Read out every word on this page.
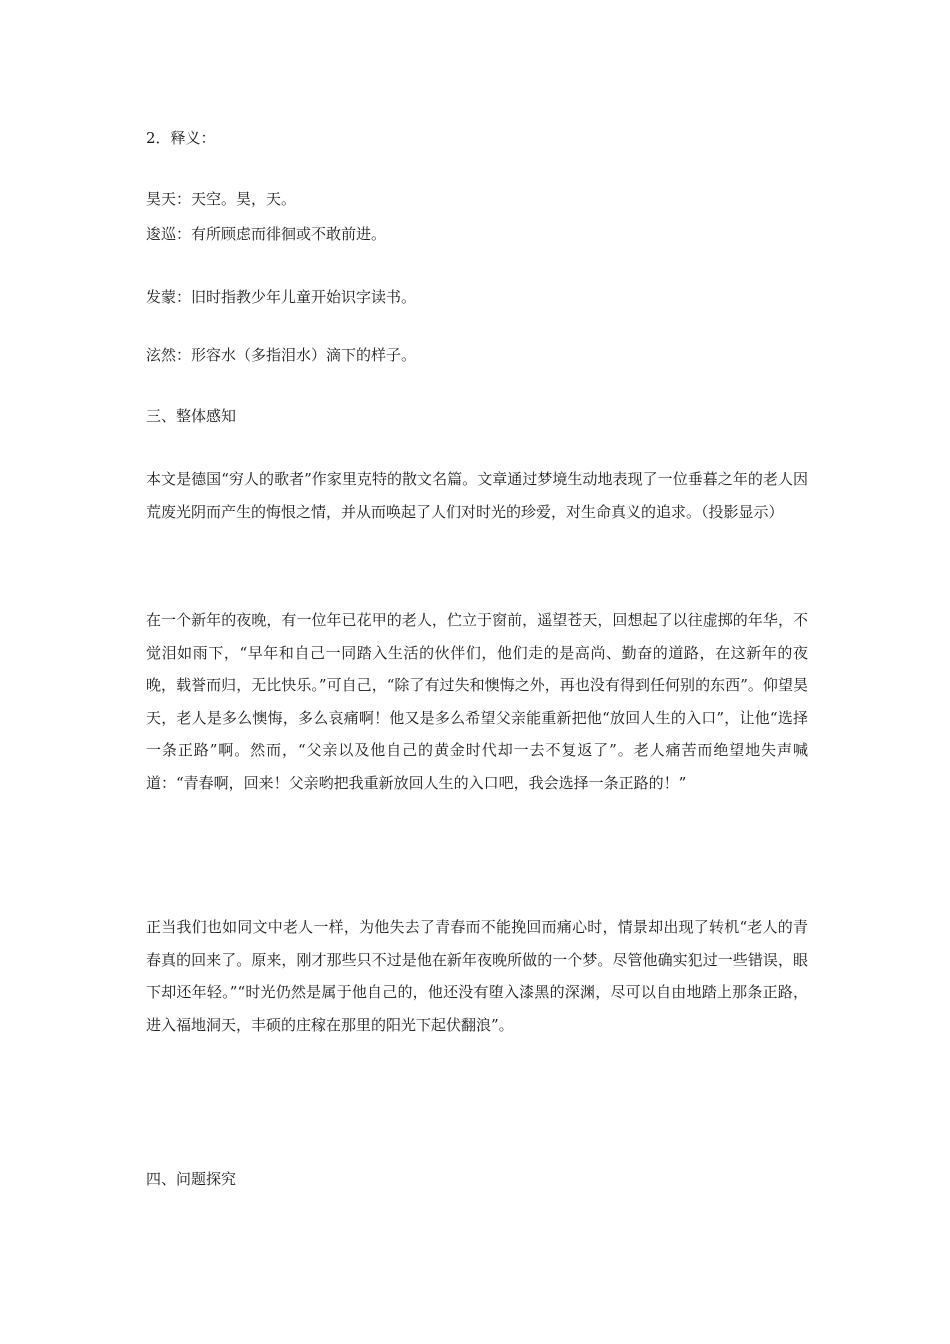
2．释义：

昊天：天空。昊，天。

逡巡：有所顾虑而徘徊或不敢前进。

发蒙：旧时指教少年儿童开始识字读书。

泫然：形容水（多指泪水）滴下的样子。

三、整体感知

本文是德国“穷人的歌者”作家里克特的散文名篇。文章通过梦境生动地表现了一位垂暮之年的老人因荒废光阴而产生的悔恨之情，并从而唤起了人们对时光的珍爱，对生命真义的追求。（投影显示）

在一个新年的夜晚，有一位年已花甲的老人，伫立于窗前，遥望苍天，回想起了以往虚掷的年华，不觉泪如雨下，“早年和自己一同踏入生活的伙伴们，他们走的是高尚、勤奋的道路，在这新年的夜晚，载誉而归，无比快乐。”可自己，“除了有过失和懊悔之外，再也没有得到任何别的东西”。仰望昊天，老人是多么懊悔，多么哀痛啊！他又是多么希望父亲能重新把他“放回人生的入口”，让他“选择一条正路”啊。然而，“父亲以及他自己的黄金时代却一去不复返了”。老人痛苦而绝望地失声喊道：“青春啊，回来！父亲哟把我重新放回人生的入口吧，我会选择一条正路的！”

正当我们也如同文中老人一样，为他失去了青春而不能挽回而痛心时，情景却出现了转机“老人的青春真的回来了。原来，刚才那些只不过是他在新年夜晚所做的一个梦。尽管他确实犯过一些错误，眼下却还年轻。”“时光仍然是属于他自己的，他还没有堕入漆黑的深渊，尽可以自由地踏上那条正路，进入福地洞天，丰硕的庄稼在那里的阳光下起伏翻浪”。

四、问题探究
